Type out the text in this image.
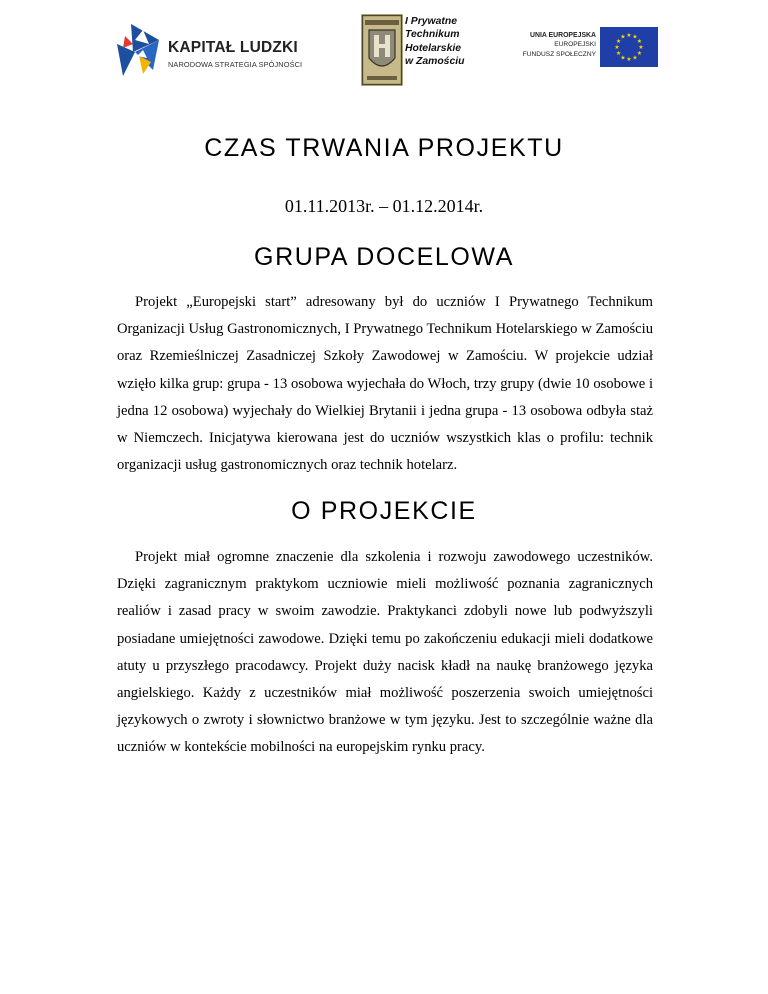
KAPITAŁ LUDZKI
NARODOWA STRATEGIA SPÓJNOŚCI
I Prywatne
Technikum
Hotelarskie
w Zamościu
UNIA EUROPEJSKA
EUROPEJSKI
FUNDUSZ SPOŁECZNY
★
★
★
★
★
★
★
★
★ ★ ★
★
CZAS TRWANIA PROJEKTU

01.11.2013r. – 01.12.2014r.

GRUPA DOCELOWA

Projekt „Europejski start” adresowany był do uczniów I Prywatnego Technikum Organizacji Usług Gastronomicznych, I Prywatnego Technikum Hotelarskiego w Zamościu oraz Rzemieślniczej Zasadniczej Szkoły Zawodowej w Zamościu. W projekcie udział wzięło kilka grup: grupa - 13 osobowa wyjechała do Włoch, trzy grupy (dwie 10 osobowe i jedna 12 osobowa) wyjechały do Wielkiej Brytanii i jedna grupa - 13 osobowa odbyła staż w Niemczech. Inicjatywa kierowana jest do uczniów wszystkich klas o profilu: technik organizacji usług gastronomicznych oraz technik hotelarz.

O PROJEKCIE

Projekt miał ogromne znaczenie dla szkolenia i rozwoju zawodowego uczestników. Dzięki zagranicznym praktykom uczniowie mieli możliwość poznania zagranicznych realiów i zasad pracy w swoim zawodzie. Praktykanci zdobyli nowe lub podwyższyli posiadane umiejętności zawodowe. Dzięki temu po zakończeniu edukacji mieli dodatkowe atuty u przyszłego pracodawcy. Projekt duży nacisk kładł na naukę branżowego języka angielskiego. Każdy z uczestników miał możliwość poszerzenia swoich umiejętności językowych o zwroty i słownictwo branżowe w tym języku. Jest to szczególnie ważne dla uczniów w kontekście mobilności na europejskim rynku pracy.
